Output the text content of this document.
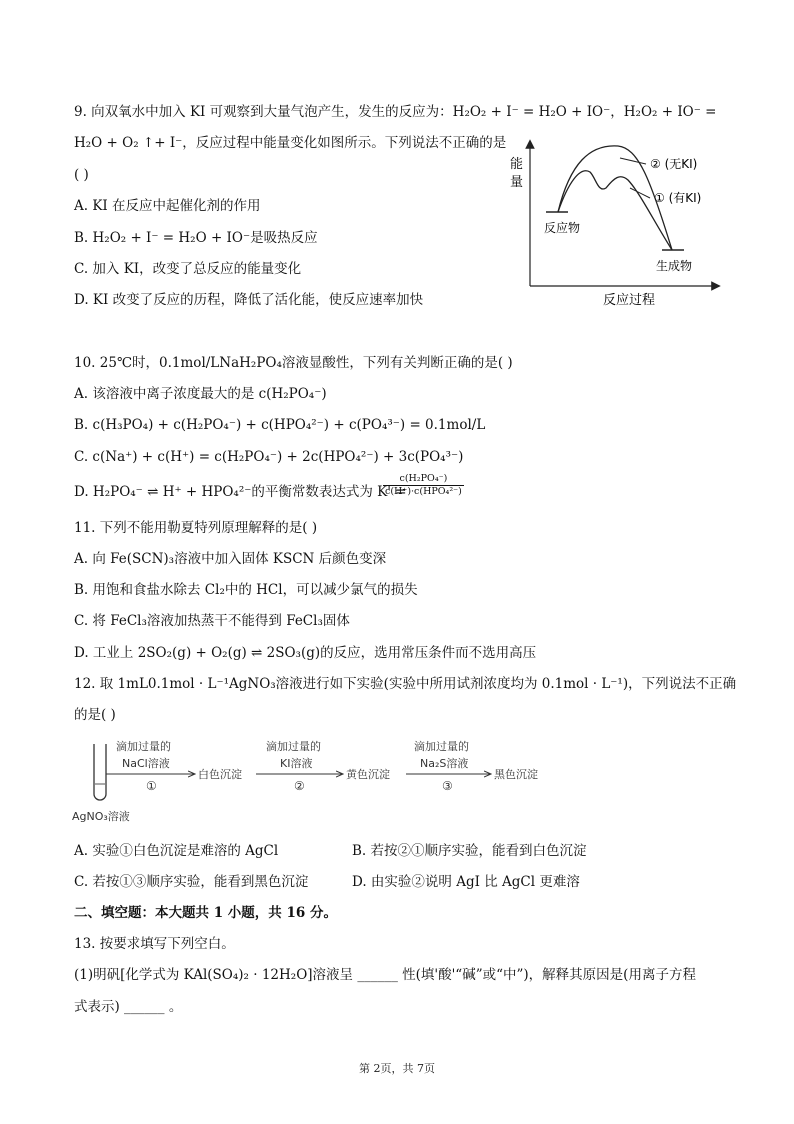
9. 向双氧水中加入 KI 可观察到大量气泡产生，发生的反应为：H₂O₂ + I⁻ = H₂O + IO⁻，H₂O₂ + IO⁻ =
H₂O + O₂ ↑+ I⁻，反应过程中能量变化如图所示。下列说法不正确的是
( )
A. KI 在反应中起催化剂的作用
B. H₂O₂ + I⁻ = H₂O + IO⁻是吸热反应
C. 加入 KI，改变了总反应的能量变化
D. KI 改变了反应的历程，降低了活化能，使反应速率加快
能
量
反应过程
② (无KI)
① (有KI)
反应物
生成物
10. 25℃时，0.1mol/LNaH₂PO₄溶液显酸性，下列有关判断正确的是( )
A. 该溶液中离子浓度最大的是 c(H₂PO₄⁻)
B. c(H₃PO₄) + c(H₂PO₄⁻) + c(HPO₄²⁻) + c(PO₄³⁻) = 0.1mol/L
C. c(Na⁺) + c(H⁺) = c(H₂PO₄⁻) + 2c(HPO₄²⁻) + 3c(PO₄³⁻)
D. H₂PO₄⁻ ⇌ H⁺ + HPO₄²⁻的平衡常数表达式为 K' =
c(H₂PO₄⁻)
c(H⁺)·c(HPO₄²⁻)
11. 下列不能用勒夏特列原理解释的是( )
A. 向 Fe(SCN)₃溶液中加入固体 KSCN 后颜色变深
B. 用饱和食盐水除去 Cl₂中的 HCl，可以减少氯气的损失
C. 将 FeCl₃溶液加热蒸干不能得到 FeCl₃固体
D. 工业上 2SO₂(g) + O₂(g) ⇌ 2SO₃(g)的反应，选用常压条件而不选用高压
12. 取 1mL0.1mol · L⁻¹AgNO₃溶液进行如下实验(实验中所用试剂浓度均为 0.1mol · L⁻¹)，下列说法不正确
的是( )
AgNO₃溶液
滴加过量的
NaCl溶液
①
白色沉淀
滴加过量的
KI溶液
②
黄色沉淀
滴加过量的
Na₂S溶液
③
黑色沉淀
A. 实验①白色沉淀是难溶的 AgCl	B. 若按②①顺序实验，能看到白色沉淀
C. 若按①③顺序实验，能看到黑色沉淀	D. 由实验②说明 AgI 比 AgCl 更难溶
二、填空题：本大题共 1 小题，共 16 分。
13. 按要求填写下列空白。
(1)明矾[化学式为 KAl(SO₄)₂ · 12H₂O]溶液呈 ______ 性(填'酸'“碱”或“中”)，解释其原因是(用离子方程
式表示) ______ 。
第 2页，共 7页
